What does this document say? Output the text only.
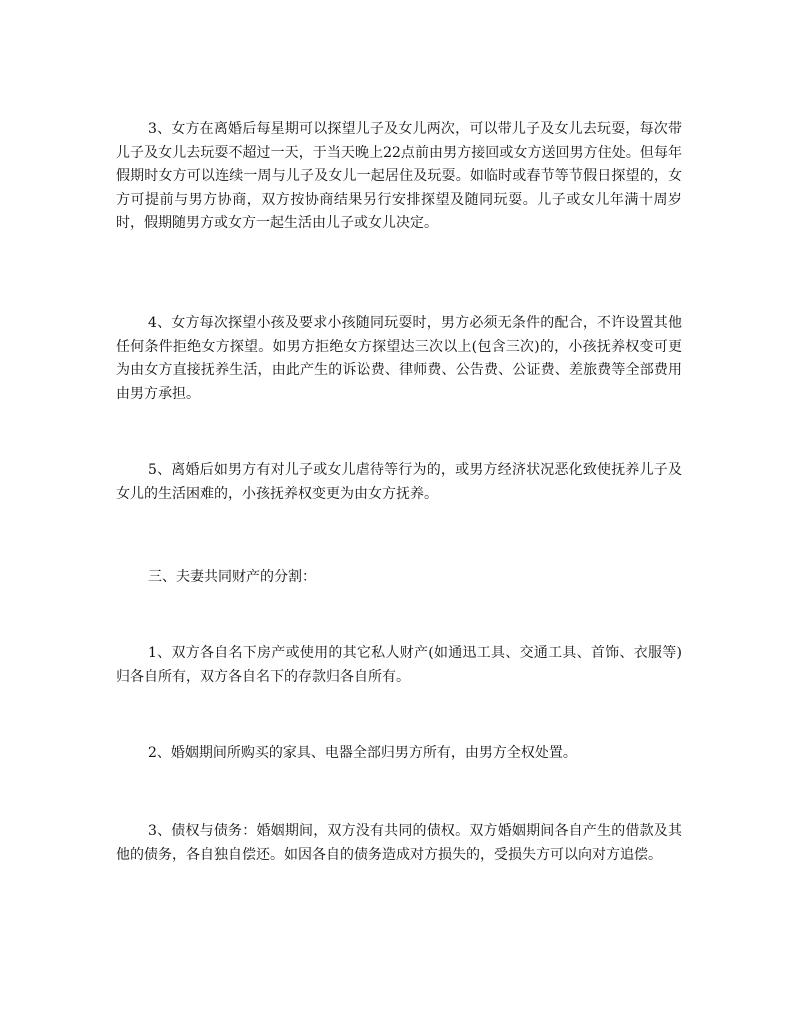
3、女方在离婚后每星期可以探望儿子及女儿两次，可以带儿子及女儿去玩耍，每次带儿子及女儿去玩耍不超过一天，于当天晚上22点前由男方接回或女方送回男方住处。但每年假期时女方可以连续一周与儿子及女儿一起居住及玩耍。如临时或春节等节假日探望的，女方可提前与男方协商，双方按协商结果另行安排探望及随同玩耍。儿子或女儿年满十周岁时，假期随男方或女方一起生活由儿子或女儿决定。

4、女方每次探望小孩及要求小孩随同玩耍时，男方必须无条件的配合，不许设置其他任何条件拒绝女方探望。如男方拒绝女方探望达三次以上(包含三次)的，小孩抚养权变可更为由女方直接抚养生活，由此产生的诉讼费、律师费、公告费、公证费、差旅费等全部费用由男方承担。

5、离婚后如男方有对儿子或女儿虐待等行为的，或男方经济状况恶化致使抚养儿子及女儿的生活困难的，小孩抚养权变更为由女方抚养。

三、夫妻共同财产的分割：

1、双方各自名下房产或使用的其它私人财产(如通迅工具、交通工具、首饰、衣服等)归各自所有，双方各自名下的存款归各自所有。

2、婚姻期间所购买的家具、电器全部归男方所有，由男方全权处置。

3、债权与债务：婚姻期间，双方没有共同的债权。双方婚姻期间各自产生的借款及其他的债务，各自独自偿还。如因各自的债务造成对方损失的，受损失方可以向对方追偿。
